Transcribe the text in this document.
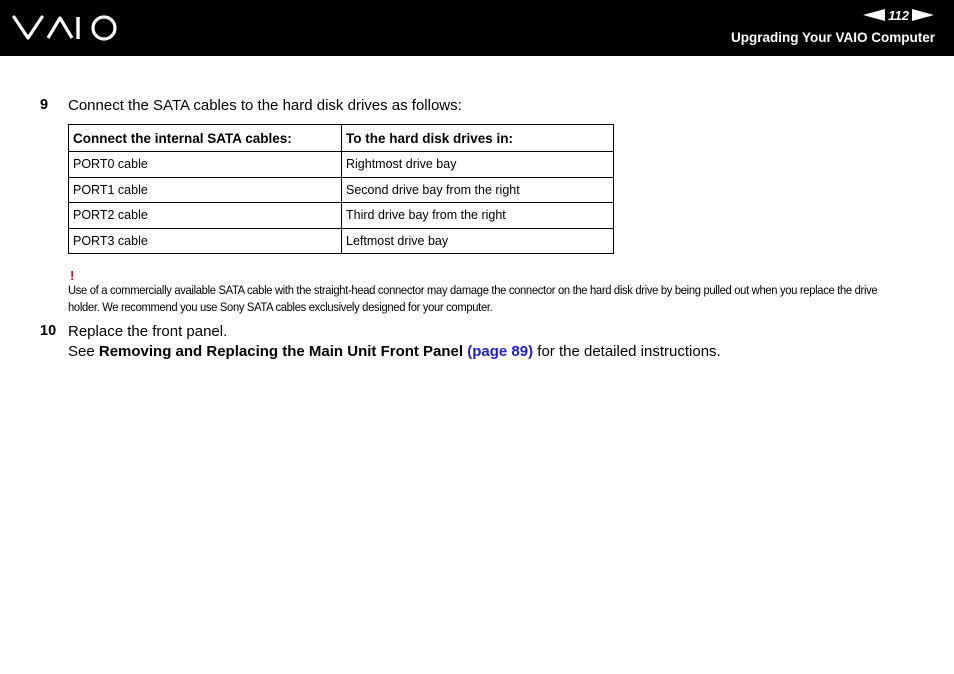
112
Upgrading Your VAIO Computer
9 Connect the SATA cables to the hard disk drives as follows:
Connect the internal SATA cables:	To the hard disk drives in:
PORT0 cable	Rightmost drive bay
PORT1 cable	Second drive bay from the right
PORT2 cable	Third drive bay from the right
PORT3 cable	Leftmost drive bay
!
Use of a commercially available SATA cable with the straight-head connector may damage the connector on the hard disk drive by being pulled out when you replace the drive holder. We recommend you use Sony SATA cables exclusively designed for your computer.
10 Replace the front panel.
See Removing and Replacing the Main Unit Front Panel (page 89) for the detailed instructions.
